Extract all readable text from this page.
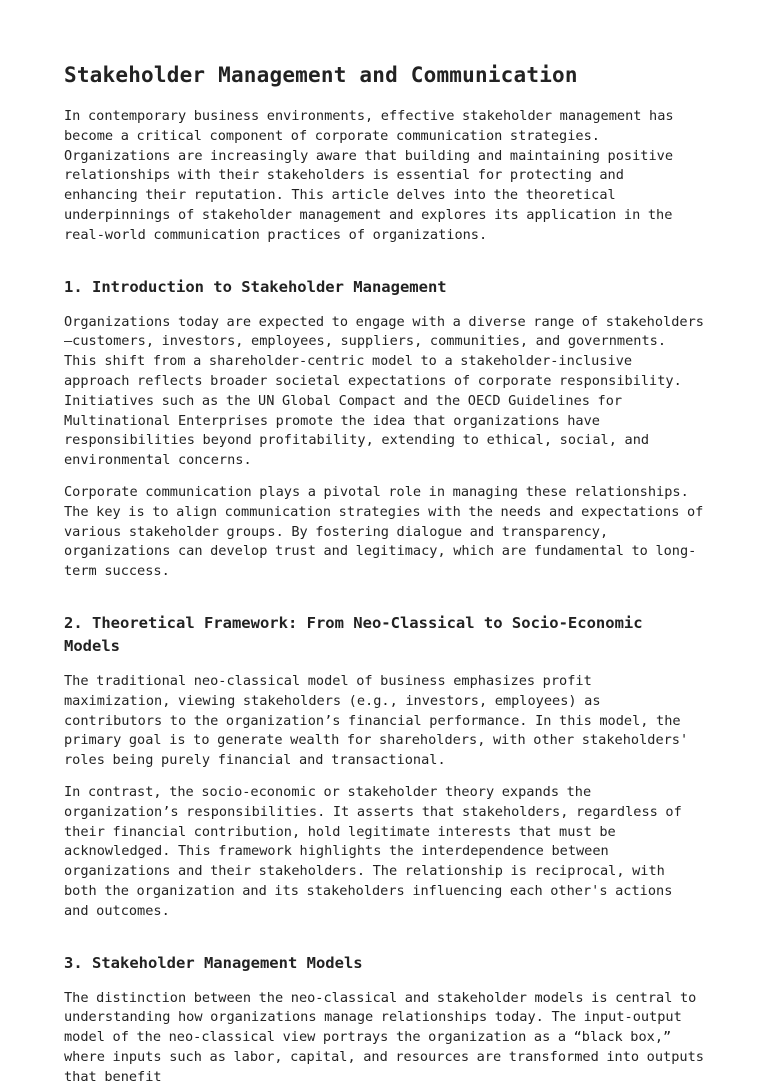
Stakeholder Management and Communication

In contemporary business environments, effective stakeholder management has become a critical component of corporate communication strategies. Organizations are increasingly aware that building and maintaining positive relationships with their stakeholders is essential for protecting and enhancing their reputation. This article delves into the theoretical underpinnings of stakeholder management and explores its application in the real-world communication practices of organizations.

1. Introduction to Stakeholder Management

Organizations today are expected to engage with a diverse range of stakeholders—customers, investors, employees, suppliers, communities, and governments. This shift from a shareholder-centric model to a stakeholder-inclusive approach reflects broader societal expectations of corporate responsibility. Initiatives such as the UN Global Compact and the OECD Guidelines for Multinational Enterprises promote the idea that organizations have responsibilities beyond profitability, extending to ethical, social, and environmental concerns.

Corporate communication plays a pivotal role in managing these relationships. The key is to align communication strategies with the needs and expectations of various stakeholder groups. By fostering dialogue and transparency, organizations can develop trust and legitimacy, which are fundamental to long-term success.

2. Theoretical Framework: From Neo-Classical to Socio-Economic Models

The traditional neo-classical model of business emphasizes profit maximization, viewing stakeholders (e.g., investors, employees) as contributors to the organization’s financial performance. In this model, the primary goal is to generate wealth for shareholders, with other stakeholders' roles being purely financial and transactional.

In contrast, the socio-economic or stakeholder theory expands the organization’s responsibilities. It asserts that stakeholders, regardless of their financial contribution, hold legitimate interests that must be acknowledged. This framework highlights the interdependence between organizations and their stakeholders. The relationship is reciprocal, with both the organization and its stakeholders influencing each other's actions and outcomes.

3. Stakeholder Management Models

The distinction between the neo-classical and stakeholder models is central to understanding how organizations manage relationships today. The input-output model of the neo-classical view portrays the organization as a “black box,” where inputs such as labor, capital, and resources are transformed into outputs that benefit
